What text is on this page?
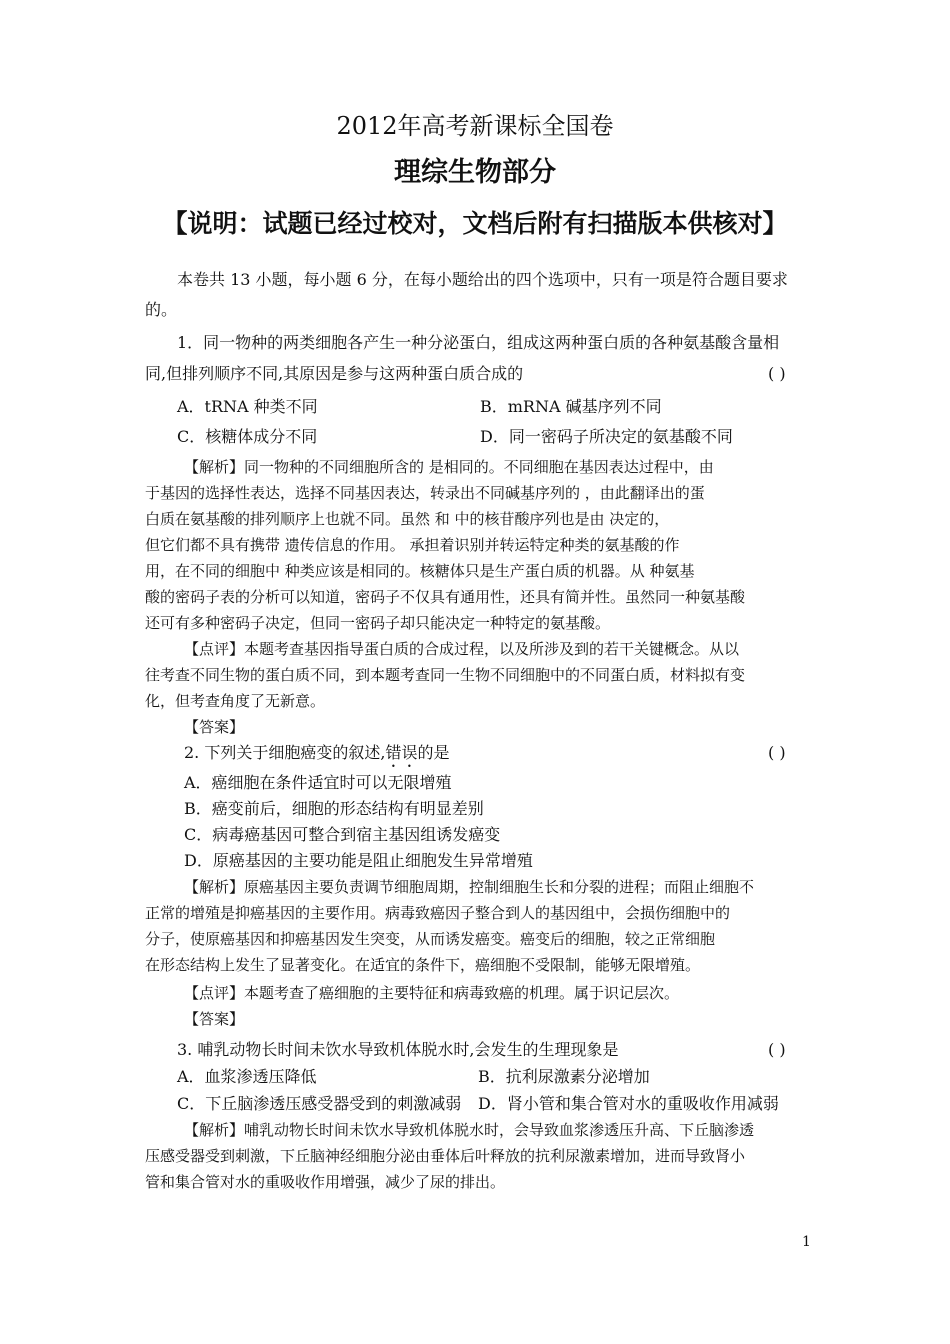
2012年高考新课标全国卷
理综生物部分
【说明：试题已经过校对，文档后附有扫描版本供核对】
本卷共 13 小题，每小题 6 分，在每小题给出的四个选项中，只有一项是符合题目要求
的。
1．同一物种的两类细胞各产生一种分泌蛋白，组成这两种蛋白质的各种氨基酸含量相
同,但排列顺序不同,其原因是参与这两种蛋白质合成的	( )
A．tRNA 种类不同	B．mRNA 碱基序列不同
C．核糖体成分不同	D．同一密码子所决定的氨基酸不同
【解析】同一物种的不同细胞所含的 是相同的。不同细胞在基因表达过程中，由
于基因的选择性表达，选择不同基因表达，转录出不同碱基序列的 ，由此翻译出的蛋
白质在氨基酸的排列顺序上也就不同。虽然 和 中的核苷酸序列也是由 决定的，
但它们都不具有携带 遗传信息的作用。 承担着识别并转运特定种类的氨基酸的作
用，在不同的细胞中 种类应该是相同的。核糖体只是生产蛋白质的机器。从 种氨基
酸的密码子表的分析可以知道，密码子不仅具有通用性，还具有简并性。虽然同一种氨基酸
还可有多种密码子决定，但同一密码子却只能决定一种特定的氨基酸。
【点评】本题考查基因指导蛋白质的合成过程，以及所涉及到的若干关键概念。从以
往考查不同生物的蛋白质不同，到本题考查同一生物不同细胞中的不同蛋白质，材料拟有变
化，但考查角度了无新意。
【答案】
2. 下列关于细胞癌变的叙述,错误的是	( )
A．癌细胞在条件适宜时可以无限增殖
B．癌变前后，细胞的形态结构有明显差别
C．病毒癌基因可整合到宿主基因组诱发癌变
D．原癌基因的主要功能是阻止细胞发生异常增殖
【解析】原癌基因主要负责调节细胞周期，控制细胞生长和分裂的进程；而阻止细胞不
正常的增殖是抑癌基因的主要作用。病毒致癌因子整合到人的基因组中，会损伤细胞中的
分子，使原癌基因和抑癌基因发生突变，从而诱发癌变。癌变后的细胞，较之正常细胞
在形态结构上发生了显著变化。在适宜的条件下，癌细胞不受限制，能够无限增殖。
【点评】本题考查了癌细胞的主要特征和病毒致癌的机理。属于识记层次。
【答案】
3. 哺乳动物长时间未饮水导致机体脱水时,会发生的生理现象是	( )
A．血浆渗透压降低	B．抗利尿激素分泌增加
C．下丘脑渗透压感受器受到的刺激减弱 D．肾小管和集合管对水的重吸收作用减弱
【解析】哺乳动物长时间未饮水导致机体脱水时，会导致血浆渗透压升高、下丘脑渗透
压感受器受到刺激，下丘脑神经细胞分泌由垂体后叶释放的抗利尿激素增加，进而导致肾小
管和集合管对水的重吸收作用增强，减少了尿的排出。
1
